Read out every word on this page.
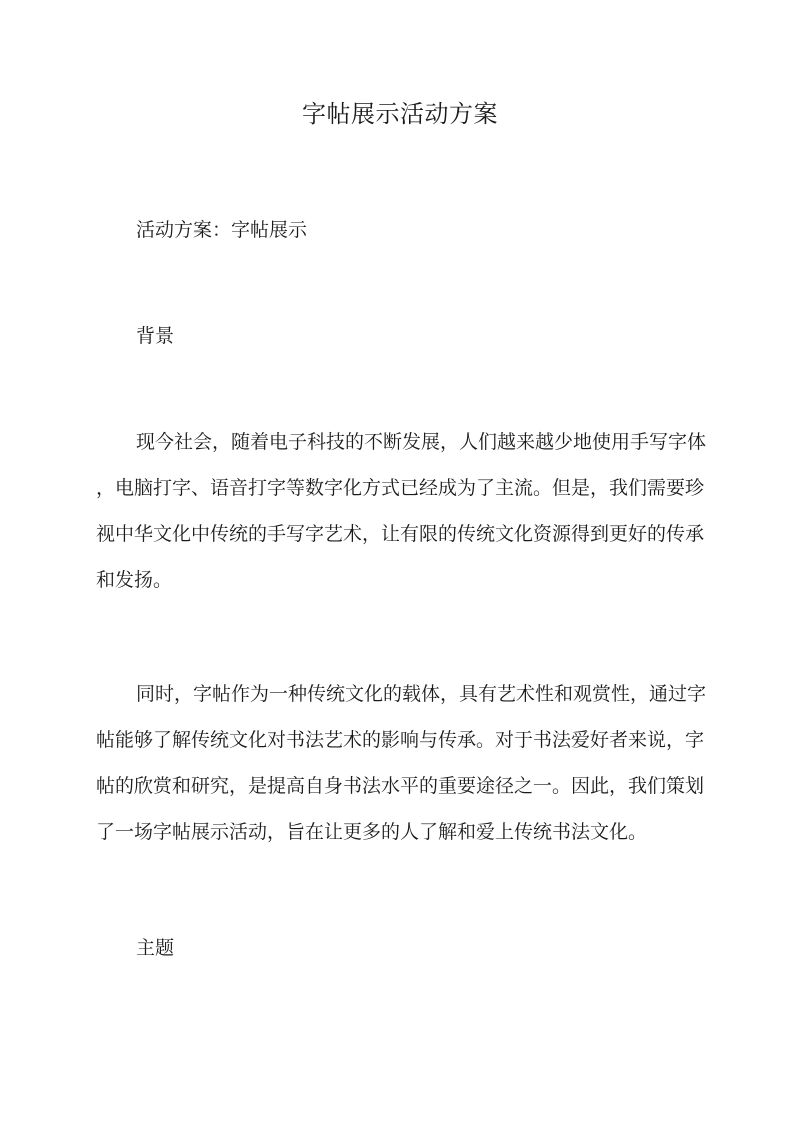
字帖展示活动方案

活动方案：字帖展示

背景

现今社会，随着电子科技的不断发展，人们越来越少地使用手写字体
，电脑打字、语音打字等数字化方式已经成为了主流。但是，我们需要珍
视中华文化中传统的手写字艺术，让有限的传统文化资源得到更好的传承
和发扬。

同时，字帖作为一种传统文化的载体，具有艺术性和观赏性，通过字
帖能够了解传统文化对书法艺术的影响与传承。对于书法爱好者来说，字
帖的欣赏和研究，是提高自身书法水平的重要途径之一。因此，我们策划
了一场字帖展示活动，旨在让更多的人了解和爱上传统书法文化。

主题
